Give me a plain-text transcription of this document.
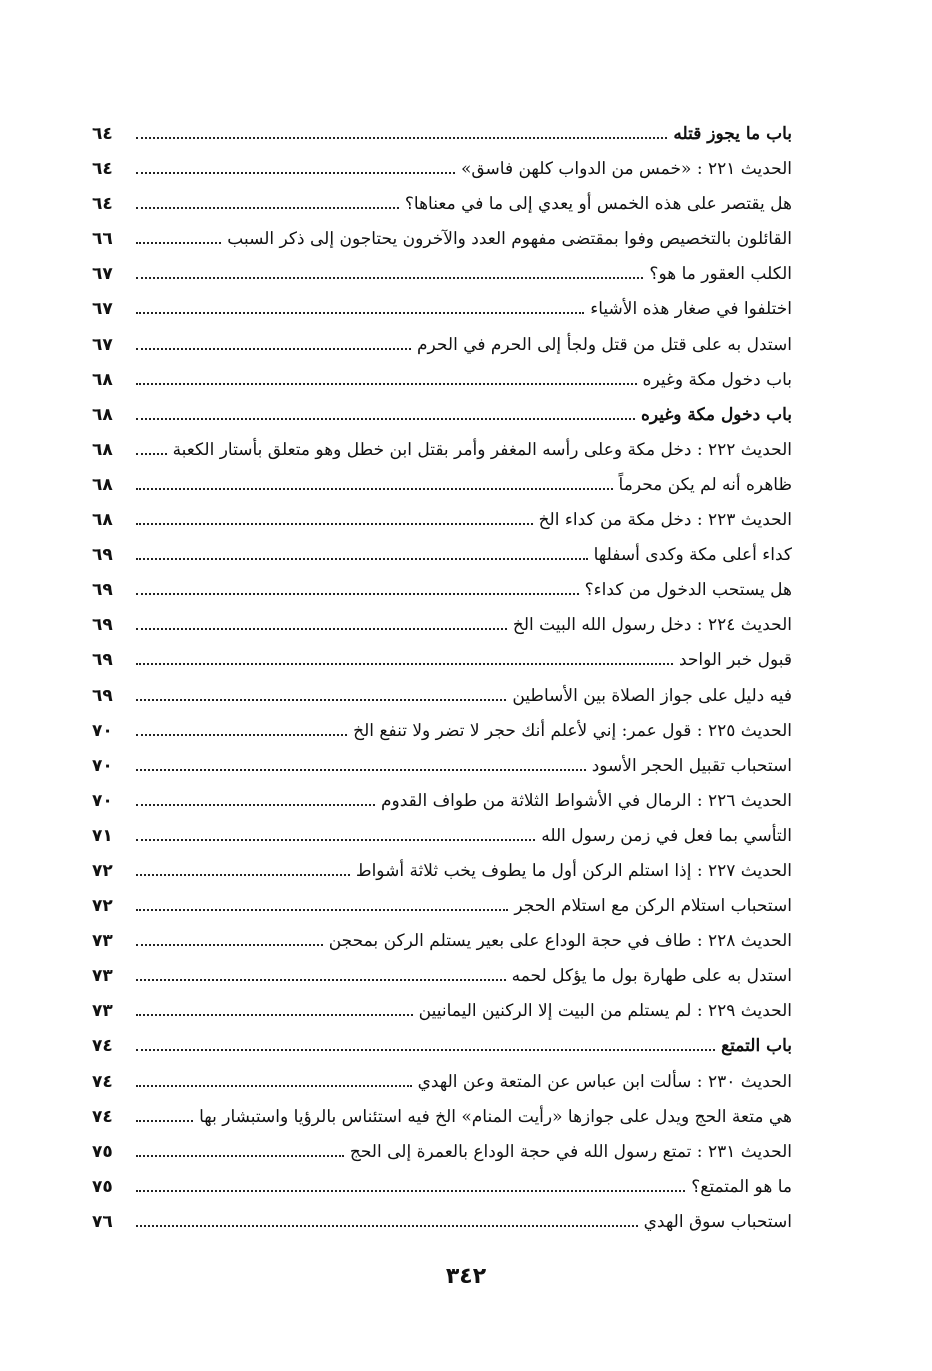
باب ما يجوز قتله
٦٤
الحديث ٢٢١ : «خمس من الدواب كلهن فاسق»
٦٤
هل يقتصر على هذه الخمس أو يعدي إلى ما في معناها؟
٦٤
القائلون بالتخصيص وفوا بمقتضى مفهوم العدد والآخرون يحتاجون إلى ذكر السبب
٦٦
الكلب العقور ما هو؟
٦٧
اختلفوا في صغار هذه الأشياء
٦٧
استدل به على قتل من قتل ولجأ إلى الحرم في الحرم
٦٧
باب دخول مكة وغيره
٦٨
باب دخول مكة وغيره
٦٨
الحديث ٢٢٢ : دخل مكة وعلى رأسه المغفر وأمر بقتل ابن خطل وهو متعلق بأستار الكعبة
٦٨
ظاهره أنه لم يكن محرماً
٦٨
الحديث ٢٢٣ : دخل مكة من كداء الخ
٦٨
كداء أعلى مكة وكدى أسفلها
٦٩
هل يستحب الدخول من كداء؟
٦٩
الحديث ٢٢٤ : دخل رسول الله البيت الخ
٦٩
قبول خبر الواحد
٦٩
فيه دليل على جواز الصلاة بين الأساطين
٦٩
الحديث ٢٢٥ : قول عمر: إني لأعلم أنك حجر لا تضر ولا تنفع الخ
٧٠
استحباب تقبيل الحجر الأسود
٧٠
الحديث ٢٢٦ : الرمال في الأشواط الثلاثة من طواف القدوم
٧٠
التأسي بما فعل في زمن رسول الله
٧١
الحديث ٢٢٧ : إذا استلم الركن أول ما يطوف يخب ثلاثة أشواط
٧٢
استحباب استلام الركن مع استلام الحجر
٧٢
الحديث ٢٢٨ : طاف في حجة الوداع على بعير يستلم الركن بمحجن
٧٣
استدل به على طهارة بول ما يؤكل لحمه
٧٣
الحديث ٢٢٩ : لم يستلم من البيت إلا الركنين اليمانيين
٧٣
باب التمتع
٧٤
الحديث ٢٣٠ : سألت ابن عباس عن المتعة وعن الهدي
٧٤
هي متعة الحج ويدل على جوازها «رأيت المنام» الخ فيه استئناس بالرؤيا واستبشار بها
٧٤
الحديث ٢٣١ : تمتع رسول الله في حجة الوداع بالعمرة إلى الحج
٧٥
ما هو المتمتع؟
٧٥
استحباب سوق الهدي
٧٦
٣٤٢
